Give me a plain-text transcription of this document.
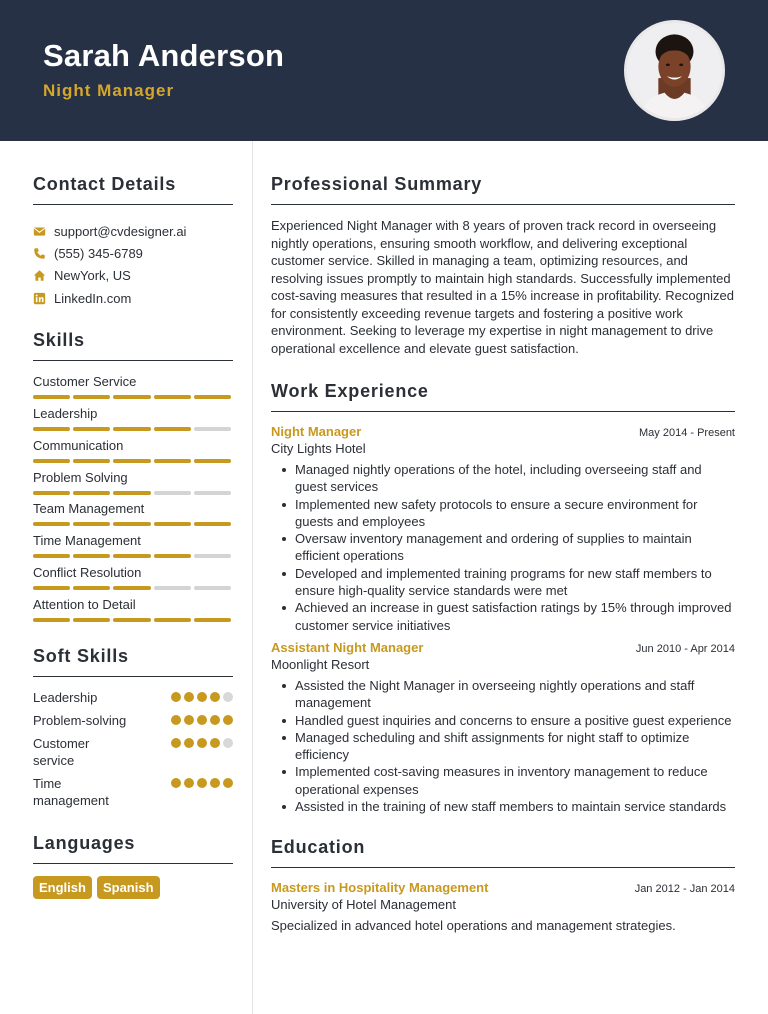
Sarah Anderson
Night Manager
Contact Details
support@cvdesigner.ai
(555) 345-6789
NewYork, US
LinkedIn.com
Skills
Customer Service
Leadership
Communication
Problem Solving
Team Management
Time Management
Conflict Resolution
Attention to Detail
Soft Skills
Leadership
Problem-solving
Customer service
Time management
Languages
English	Spanish
Professional Summary

Experienced Night Manager with 8 years of proven track record in overseeing nightly operations, ensuring smooth workflow, and delivering exceptional customer service. Skilled in managing a team, optimizing resources, and resolving issues promptly to maintain high standards. Successfully implemented cost-saving measures that resulted in a 15% increase in profitability. Recognized for consistently exceeding revenue targets and fostering a positive work environment. Seeking to leverage my expertise in night management to drive operational excellence and elevate guest satisfaction.

Work Experience
Night Manager	May 2014 - Present
City Lights Hotel
Managed nightly operations of the hotel, including overseeing staff and guest services
Implemented new safety protocols to ensure a secure environment for guests and employees
Oversaw inventory management and ordering of supplies to maintain efficient operations
Developed and implemented training programs for new staff members to ensure high-quality service standards were met
Achieved an increase in guest satisfaction ratings by 15% through improved customer service initiatives
Assistant Night Manager	Jun 2010 - Apr 2014
Moonlight Resort
Assisted the Night Manager in overseeing nightly operations and staff management
Handled guest inquiries and concerns to ensure a positive guest experience
Managed scheduling and shift assignments for night staff to optimize efficiency
Implemented cost-saving measures in inventory management to reduce operational expenses
Assisted in the training of new staff members to maintain service standards
Education
Masters in Hospitality Management	Jan 2012 - Jan 2014
University of Hotel Management
Specialized in advanced hotel operations and management strategies.
